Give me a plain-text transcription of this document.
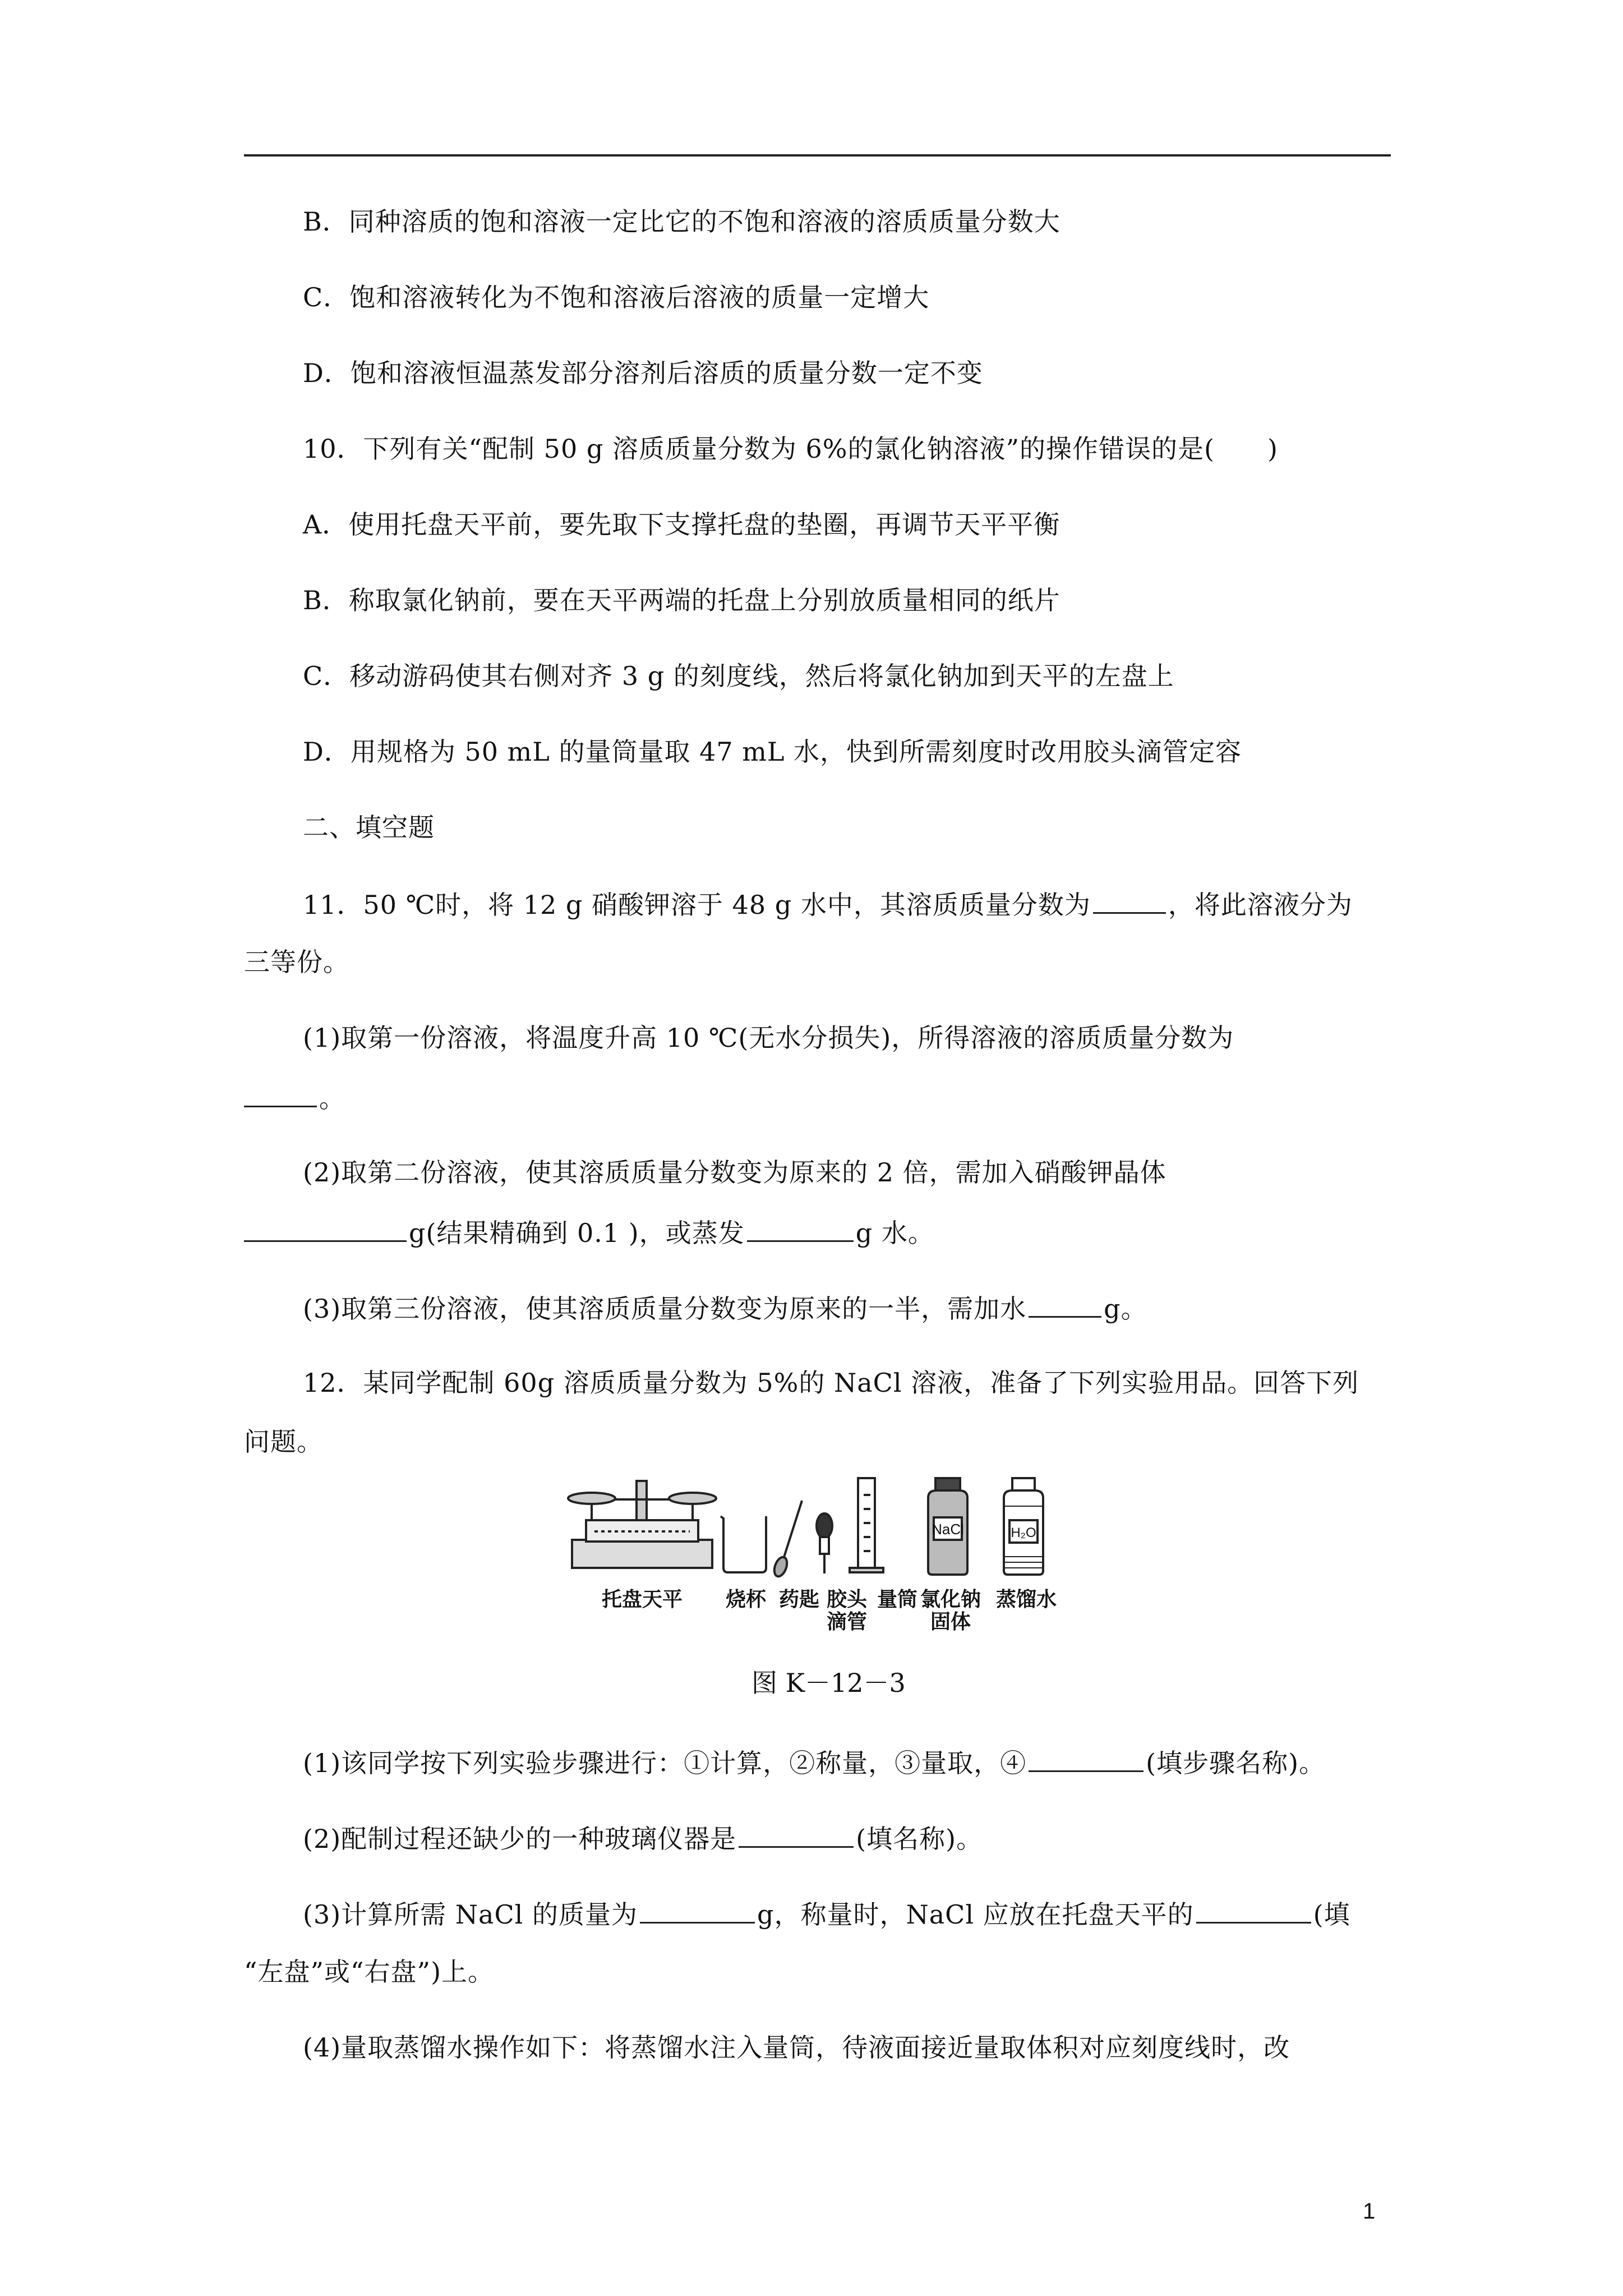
B．同种溶质的饱和溶液一定比它的不饱和溶液的溶质质量分数大
C．饱和溶液转化为不饱和溶液后溶液的质量一定增大
D．饱和溶液恒温蒸发部分溶剂后溶质的质量分数一定不变
10．下列有关“配制 50 g 溶质质量分数为 6%的氯化钠溶液”的操作错误的是(　　)
A．使用托盘天平前，要先取下支撑托盘的垫圈，再调节天平平衡
B．称取氯化钠前，要在天平两端的托盘上分别放质量相同的纸片
C．移动游码使其右侧对齐 3 g 的刻度线，然后将氯化钠加到天平的左盘上
D．用规格为 50 mL 的量筒量取 47 mL 水，快到所需刻度时改用胶头滴管定容
二、填空题
11．50 ℃时，将 12 g 硝酸钾溶于 48 g 水中，其溶质质量分数为	，将此溶液分为
三等份。
(1)取第一份溶液，将温度升高 10 ℃(无水分损失)，所得溶液的溶质质量分数为
。
(2)取第二份溶液，使其溶质质量分数变为原来的 2 倍，需加入硝酸钾晶体
g(结果精确到 0.1 )，或蒸发	g 水。
(3)取第三份溶液，使其溶质质量分数变为原来的一半，需加水	g。
12．某同学配制 60g 溶质质量分数为 5%的 NaCl 溶液，准备了下列实验用品。回答下列
问题。
NaCl	H₂O
托盘天平	烧杯 药匙 胶头
滴管
量筒 氯化钠
固体
蒸馏水
图 K－12－3
(1)该同学按下列实验步骤进行：①计算，②称量，③量取，④	(填步骤名称)。
(2)配制过程还缺少的一种玻璃仪器是	(填名称)。
(3)计算所需 NaCl 的质量为	g，称量时，NaCl 应放在托盘天平的	(填
“左盘”或“右盘”)上。
(4)量取蒸馏水操作如下：将蒸馏水注入量筒，待液面接近量取体积对应刻度线时，改
1
